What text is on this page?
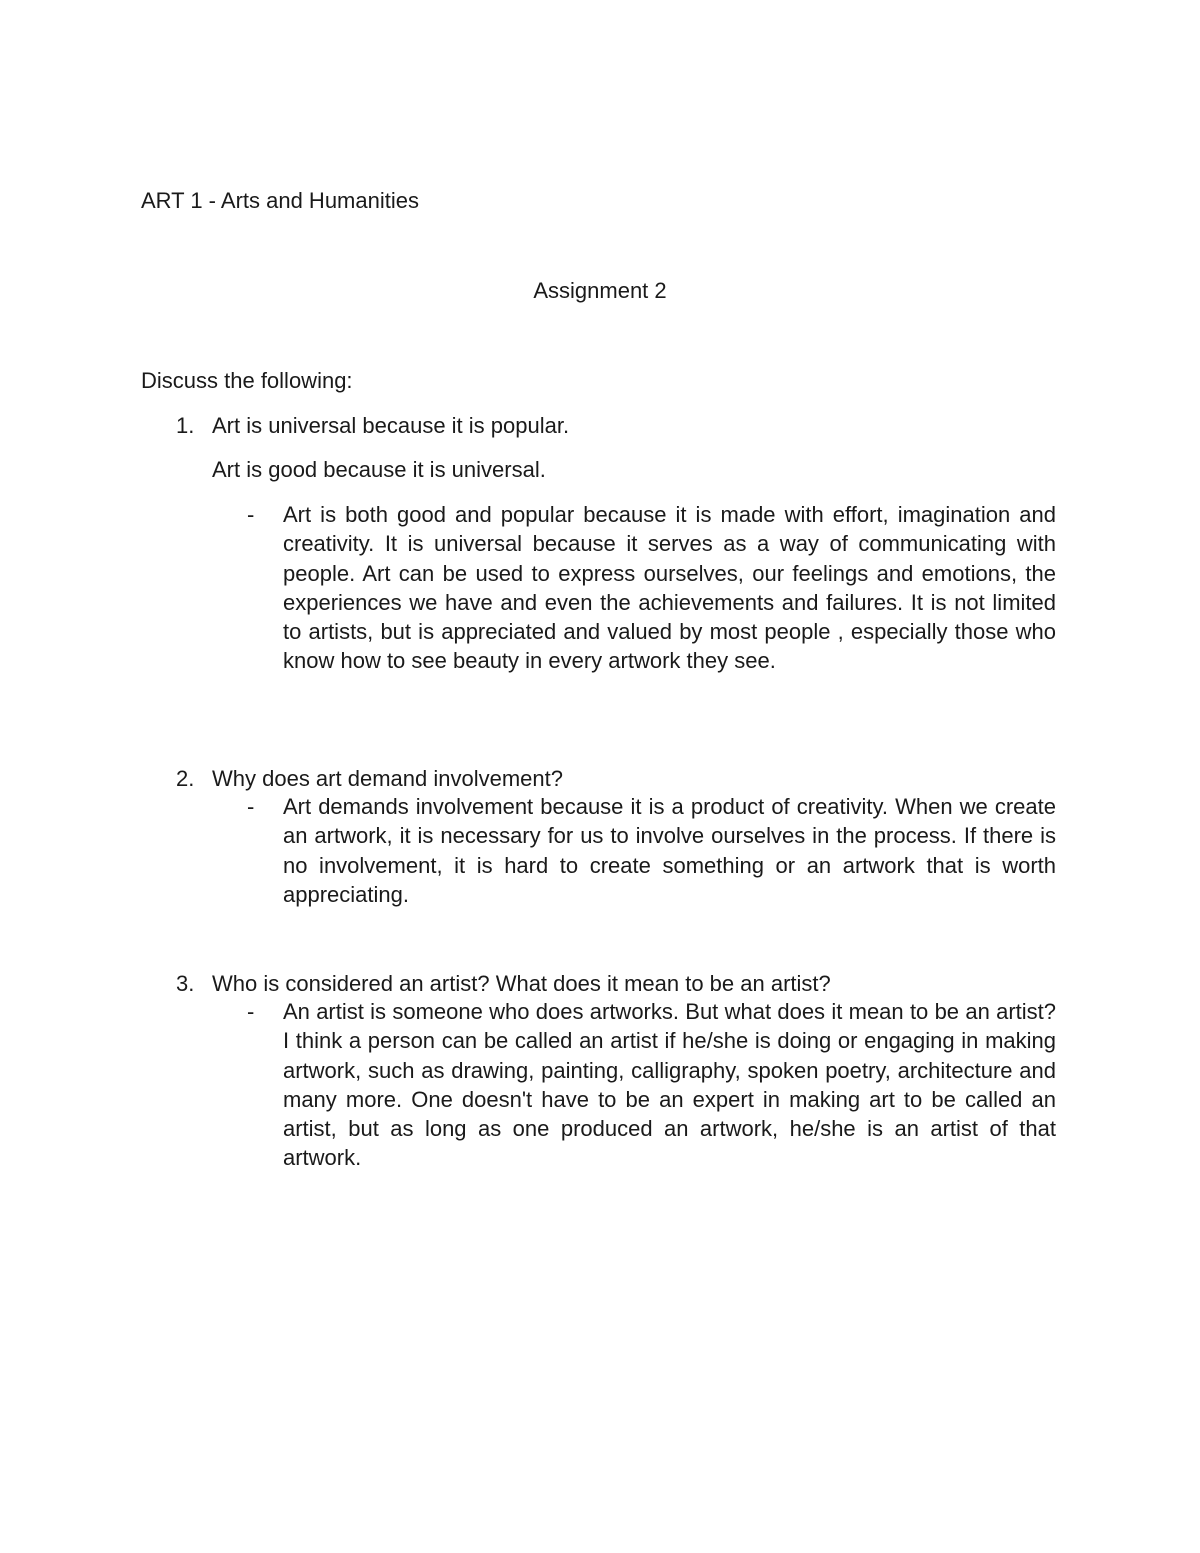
ART 1 - Arts and Humanities
Assignment 2
Discuss the following:
1. Art is universal because it is popular.
Art is good because it is universal.
- Art is both good and popular because it is made with effort, imagination and creativity. It is universal because it serves as a way of communicating with people. Art can be used to express ourselves, our feelings and emotions, the experiences we have and even the achievements and failures. It is not limited to artists, but is appreciated and valued by most people , especially those who know how to see beauty in every artwork they see.
2. Why does art demand involvement?
- Art demands involvement because it is a product of creativity. When we create an artwork, it is necessary for us to involve ourselves in the process. If there is no involvement, it is hard to create something or an artwork that is worth appreciating.
3. Who is considered an artist? What does it mean to be an artist?
- An artist is someone who does artworks. But what does it mean to be an artist? I think a person can be called an artist if he/she is doing or engaging in making artwork, such as drawing, painting, calligraphy, spoken poetry, architecture and many more. One doesn't have to be an expert in making art to be called an artist, but as long as one produced an artwork, he/she is an artist of that artwork.
